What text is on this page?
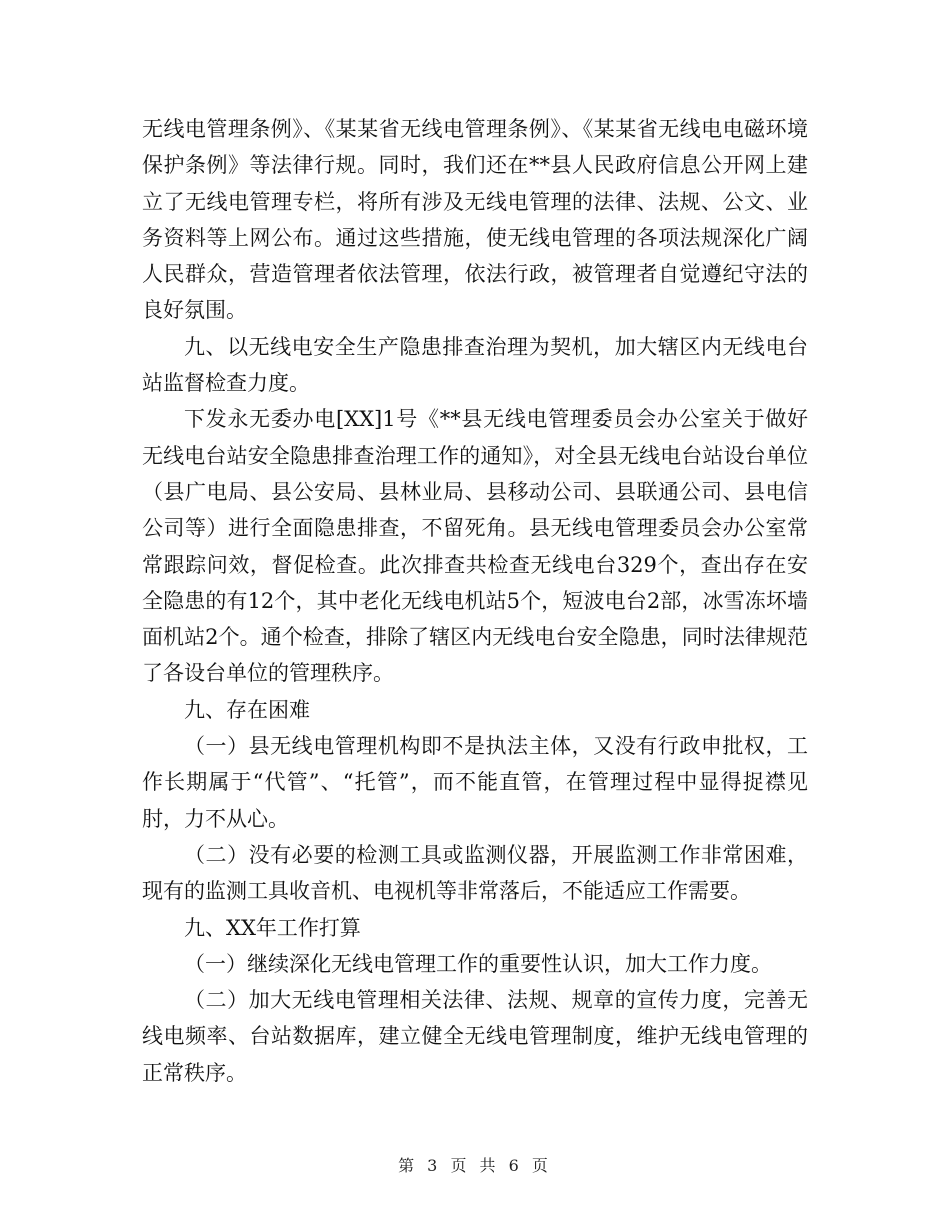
无线电管理条例》、《某某省无线电管理条例》、《某某省无线电电磁环境保护条例》等法律行规。同时，我们还在**县人民政府信息公开网上建立了无线电管理专栏，将所有涉及无线电管理的法律、法规、公文、业务资料等上网公布。通过这些措施，使无线电管理的各项法规深化广阔人民群众，营造管理者依法管理，依法行政，被管理者自觉遵纪守法的良好氛围。

九、以无线电安全生产隐患排查治理为契机，加大辖区内无线电台站监督检查力度。

下发永无委办电[XX]1号《**县无线电管理委员会办公室关于做好无线电台站安全隐患排查治理工作的通知》，对全县无线电台站设台单位（县广电局、县公安局、县林业局、县移动公司、县联通公司、县电信公司等）进行全面隐患排查，不留死角。县无线电管理委员会办公室常常跟踪问效，督促检查。此次排查共检查无线电台329个，查出存在安全隐患的有12个，其中老化无线电机站5个，短波电台2部，冰雪冻坏墙面机站2个。通个检查，排除了辖区内无线电台安全隐患，同时法律规范了各设台单位的管理秩序。

九、存在困难

（一）县无线电管理机构即不是执法主体，又没有行政申批权，工作长期属于“代管”、“托管”，而不能直管，在管理过程中显得捉襟见肘，力不从心。

（二）没有必要的检测工具或监测仪器，开展监测工作非常困难，现有的监测工具收音机、电视机等非常落后，不能适应工作需要。

九、XX年工作打算

（一）继续深化无线电管理工作的重要性认识，加大工作力度。

（二）加大无线电管理相关法律、法规、规章的宣传力度，完善无线电频率、台站数据库，建立健全无线电管理制度，维护无线电管理的正常秩序。

第 3 页 共 6 页
